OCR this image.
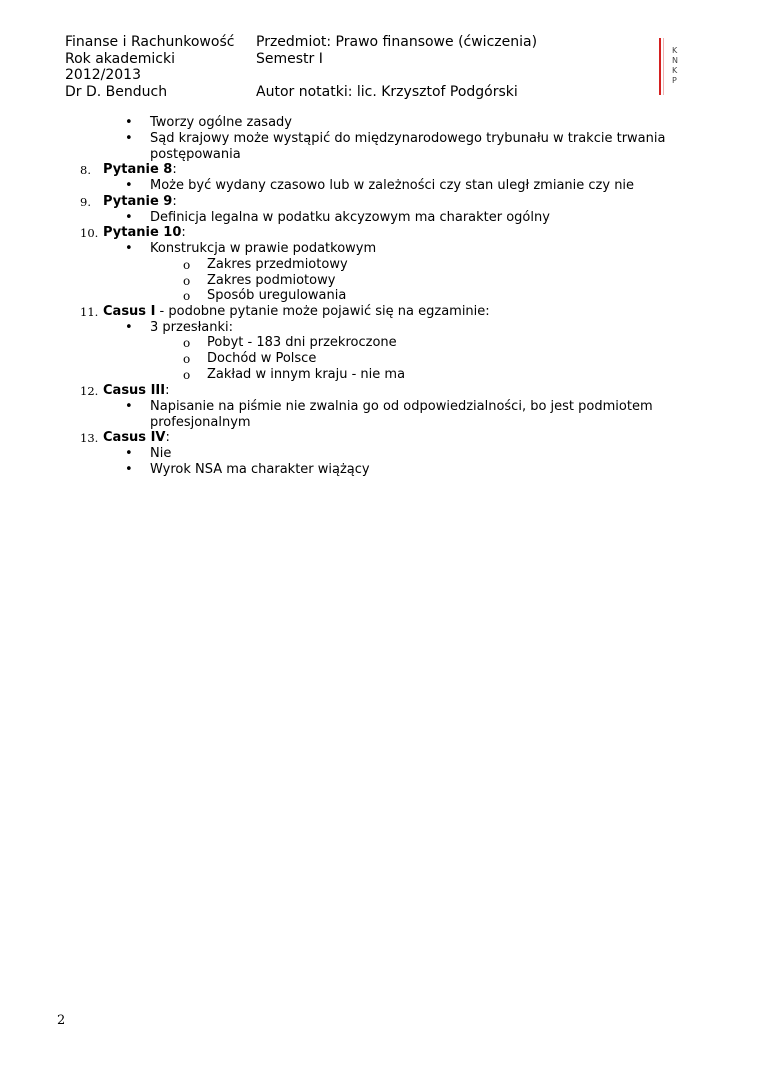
Finanse i Rachunkowość
Rok akademicki
2012/2013
Dr D. Benduch
Przedmiot: Prawo finansowe (ćwiczenia)
Semestr I
Autor notatki: lic. Krzysztof Podgórski
K
N
K
P
• Tworzy ogólne zasady
• Sąd krajowy może wystąpić do międzynarodowego trybunału w trakcie trwania
postępowania
8. Pytanie 8:
• Może być wydany czasowo lub w zależności czy stan uległ zmianie czy nie
9. Pytanie 9:
• Definicja legalna w podatku akcyzowym ma charakter ogólny
10. Pytanie 10:
• Konstrukcja w prawie podatkowym
o Zakres przedmiotowy
o Zakres podmiotowy
o Sposób uregulowania
11. Casus I - podobne pytanie może pojawić się na egzaminie:
• 3 przesłanki:
o Pobyt - 183 dni przekroczone
o Dochód w Polsce
o Zakład w innym kraju - nie ma
12. Casus III:
• Napisanie na piśmie nie zwalnia go od odpowiedzialności, bo jest podmiotem
profesjonalnym
13. Casus IV:
• Nie
• Wyrok NSA ma charakter wiążący
2
